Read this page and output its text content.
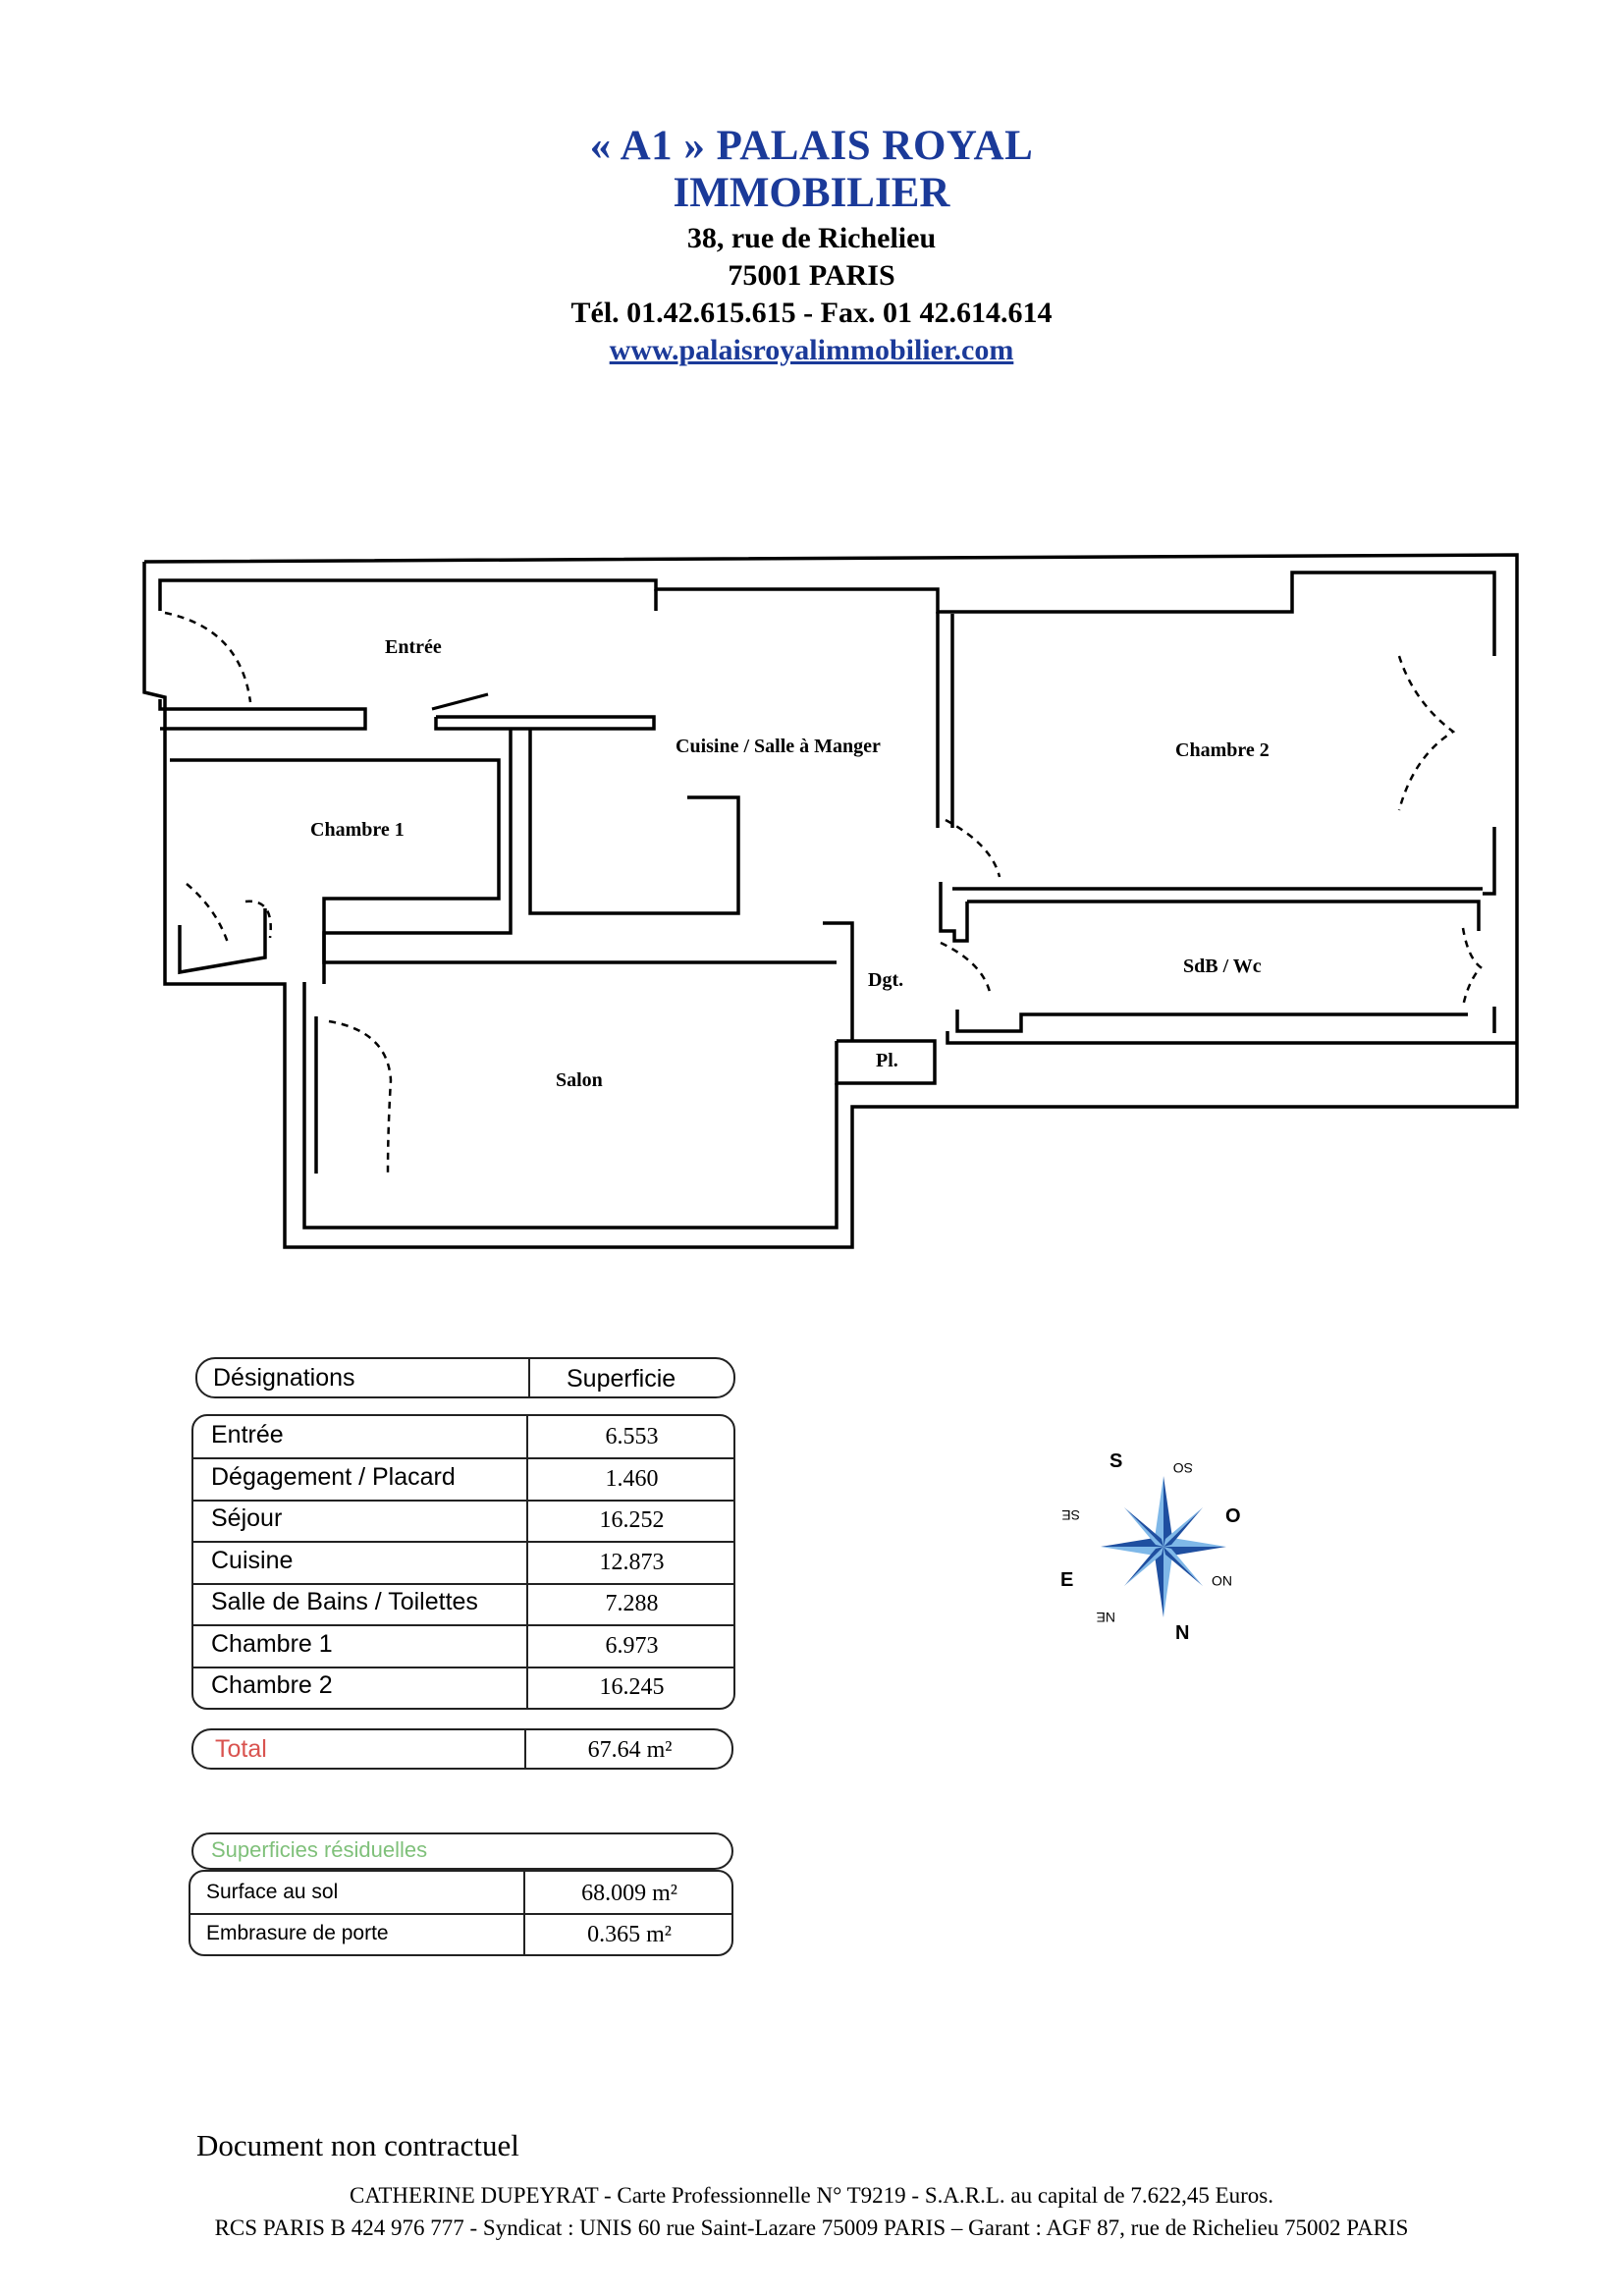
« A1 » PALAIS ROYAL
IMMOBILIER
38, rue de Richelieu
75001 PARIS
Tél. 01.42.615.615 - Fax. 01 42.614.614
www.palaisroyalimmobilier.com
Entrée
Cuisine / Salle à Manger	Chambre 2
Chambre 1
SdB / Wc
Dgt.
Pl.
Salon
Désignations	Superficie
Entrée	6.553
Dégagement / Placard	1.460
Séjour	16.252
Cuisine	12.873
Salle de Bains / Toilettes	7.288
Chambre 1	6.973
Chambre 2	16.245
Total	67.64 m²
Superficies résiduelles
Surface au sol	68.009 m²
Embrasure de porte	0.365 m²
S
O
N
E
SO
NO
NE
SE
Document non contractuel
CATHERINE DUPEYRAT - Carte Professionnelle N° T9219 - S.A.R.L. au capital de 7.622,45 Euros.
RCS PARIS B 424 976 777 - Syndicat : UNIS 60 rue Saint-Lazare 75009 PARIS – Garant : AGF 87, rue de Richelieu 75002 PARIS
